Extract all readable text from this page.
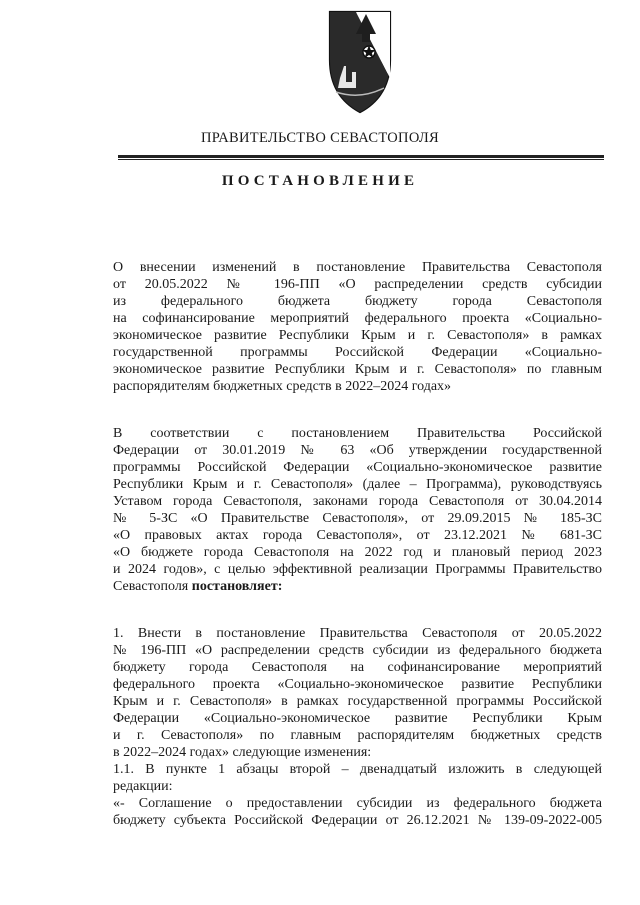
ПРАВИТЕЛЬСТВО СЕВАСТОПОЛЯ
ПОСТАНОВЛЕНИЕ
О внесении изменений в постановление Правительства Севастополя
от 20.05.2022 № 196-ПП «О распределении средств субсидии
из федерального бюджета бюджету города Севастополя
на софинансирование мероприятий федерального проекта «Социально-
экономическое развитие Республики Крым и г. Севастополя» в рамках
государственной программы Российской Федерации «Социально-
экономическое развитие Республики Крым и г. Севастополя» по главным
распорядителям бюджетных средств в 2022–2024 годах»
В соответствии с постановлением Правительства Российской
Федерации от 30.01.2019 № 63 «Об утверждении государственной
программы Российской Федерации «Социально-экономическое развитие
Республики Крым и г. Севастополя» (далее – Программа), руководствуясь
Уставом города Севастополя, законами города Севастополя от 30.04.2014
№ 5-ЗС «О Правительстве Севастополя», от 29.09.2015 № 185-ЗС
«О правовых актах города Севастополя», от 23.12.2021 № 681-ЗС
«О бюджете города Севастополя на 2022 год и плановый период 2023
и 2024 годов», с целью эффективной реализации Программы Правительство
Севастополя постановляет:
1. Внести в постановление Правительства Севастополя от 20.05.2022
№ 196-ПП «О распределении средств субсидии из федерального бюджета
бюджету города Севастополя на софинансирование мероприятий
федерального проекта «Социально-экономическое развитие Республики
Крым и г. Севастополя» в рамках государственной программы Российской
Федерации «Социально-экономическое развитие Республики Крым
и г. Севастополя» по главным распорядителям бюджетных средств
в 2022–2024 годах» следующие изменения:
1.1. В пункте 1 абзацы второй – двенадцатый изложить в следующей
редакции:
«- Соглашение о предоставлении субсидии из федерального бюджета
бюджету субъекта Российской Федерации от 26.12.2021 № 139-09-2022-005
